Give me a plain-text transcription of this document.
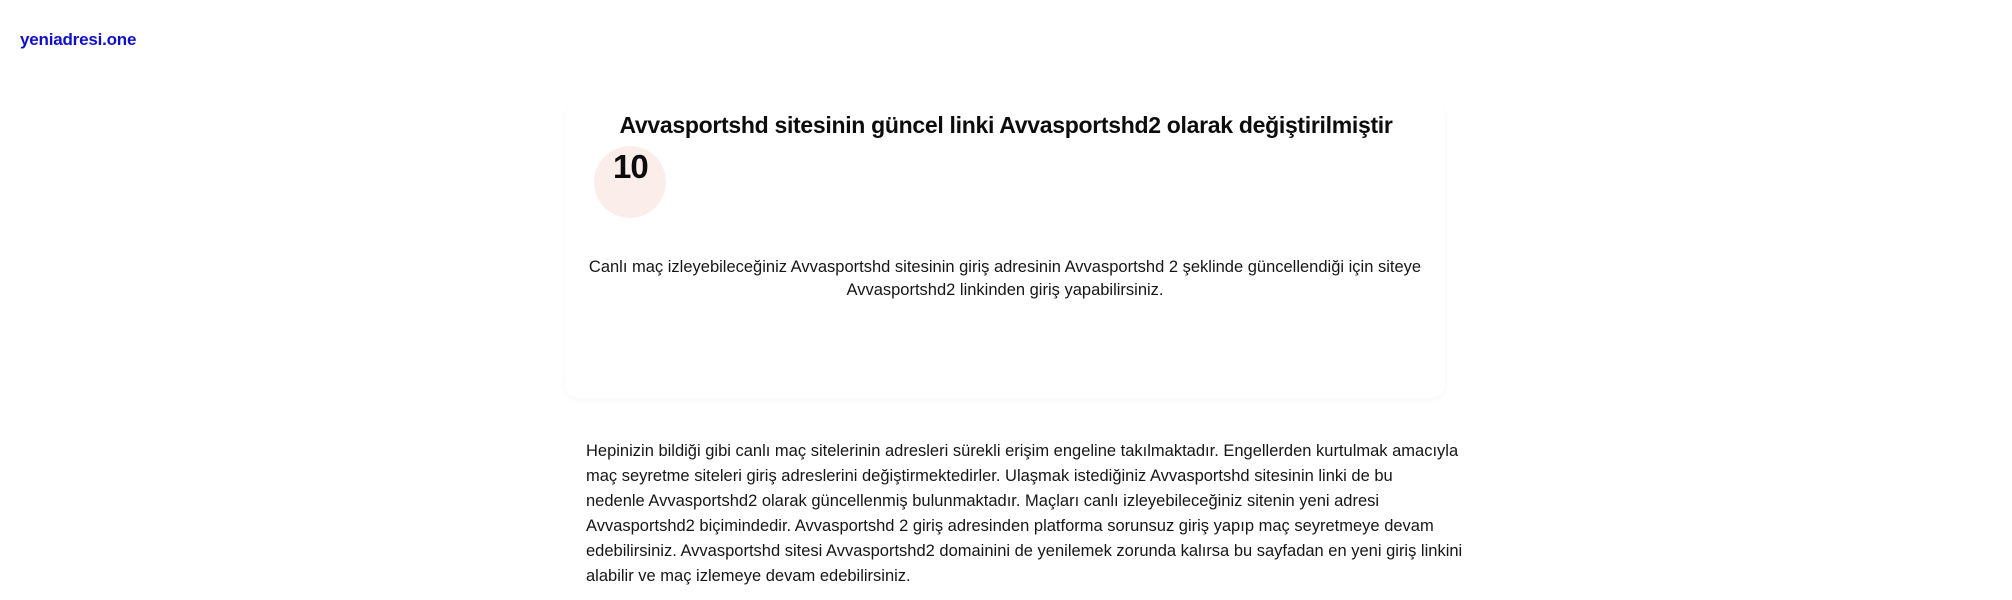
yeniadresi.one
Avvasportshd sitesinin güncel linki Avvasportshd2 olarak değiştirilmiştir
10
Canlı maç izleyebileceğiniz Avvasportshd sitesinin giriş adresinin Avvasportshd 2 şeklinde güncellendiği için siteye
Avvasportshd2 linkinden giriş yapabilirsiniz.

Hepinizin bildiği gibi canlı maç sitelerinin adresleri sürekli erişim engeline takılmaktadır. Engellerden kurtulmak amacıyla
maç seyretme siteleri giriş adreslerini değiştirmektedirler. Ulaşmak istediğiniz Avvasportshd sitesinin linki de bu
nedenle Avvasportshd2 olarak güncellenmiş bulunmaktadır. Maçları canlı izleyebileceğiniz sitenin yeni adresi
Avvasportshd2 biçimindedir. Avvasportshd 2 giriş adresinden platforma sorunsuz giriş yapıp maç seyretmeye devam
edebilirsiniz. Avvasportshd sitesi Avvasportshd2 domainini de yenilemek zorunda kalırsa bu sayfadan en yeni giriş linkini
alabilir ve maç izlemeye devam edebilirsiniz.
